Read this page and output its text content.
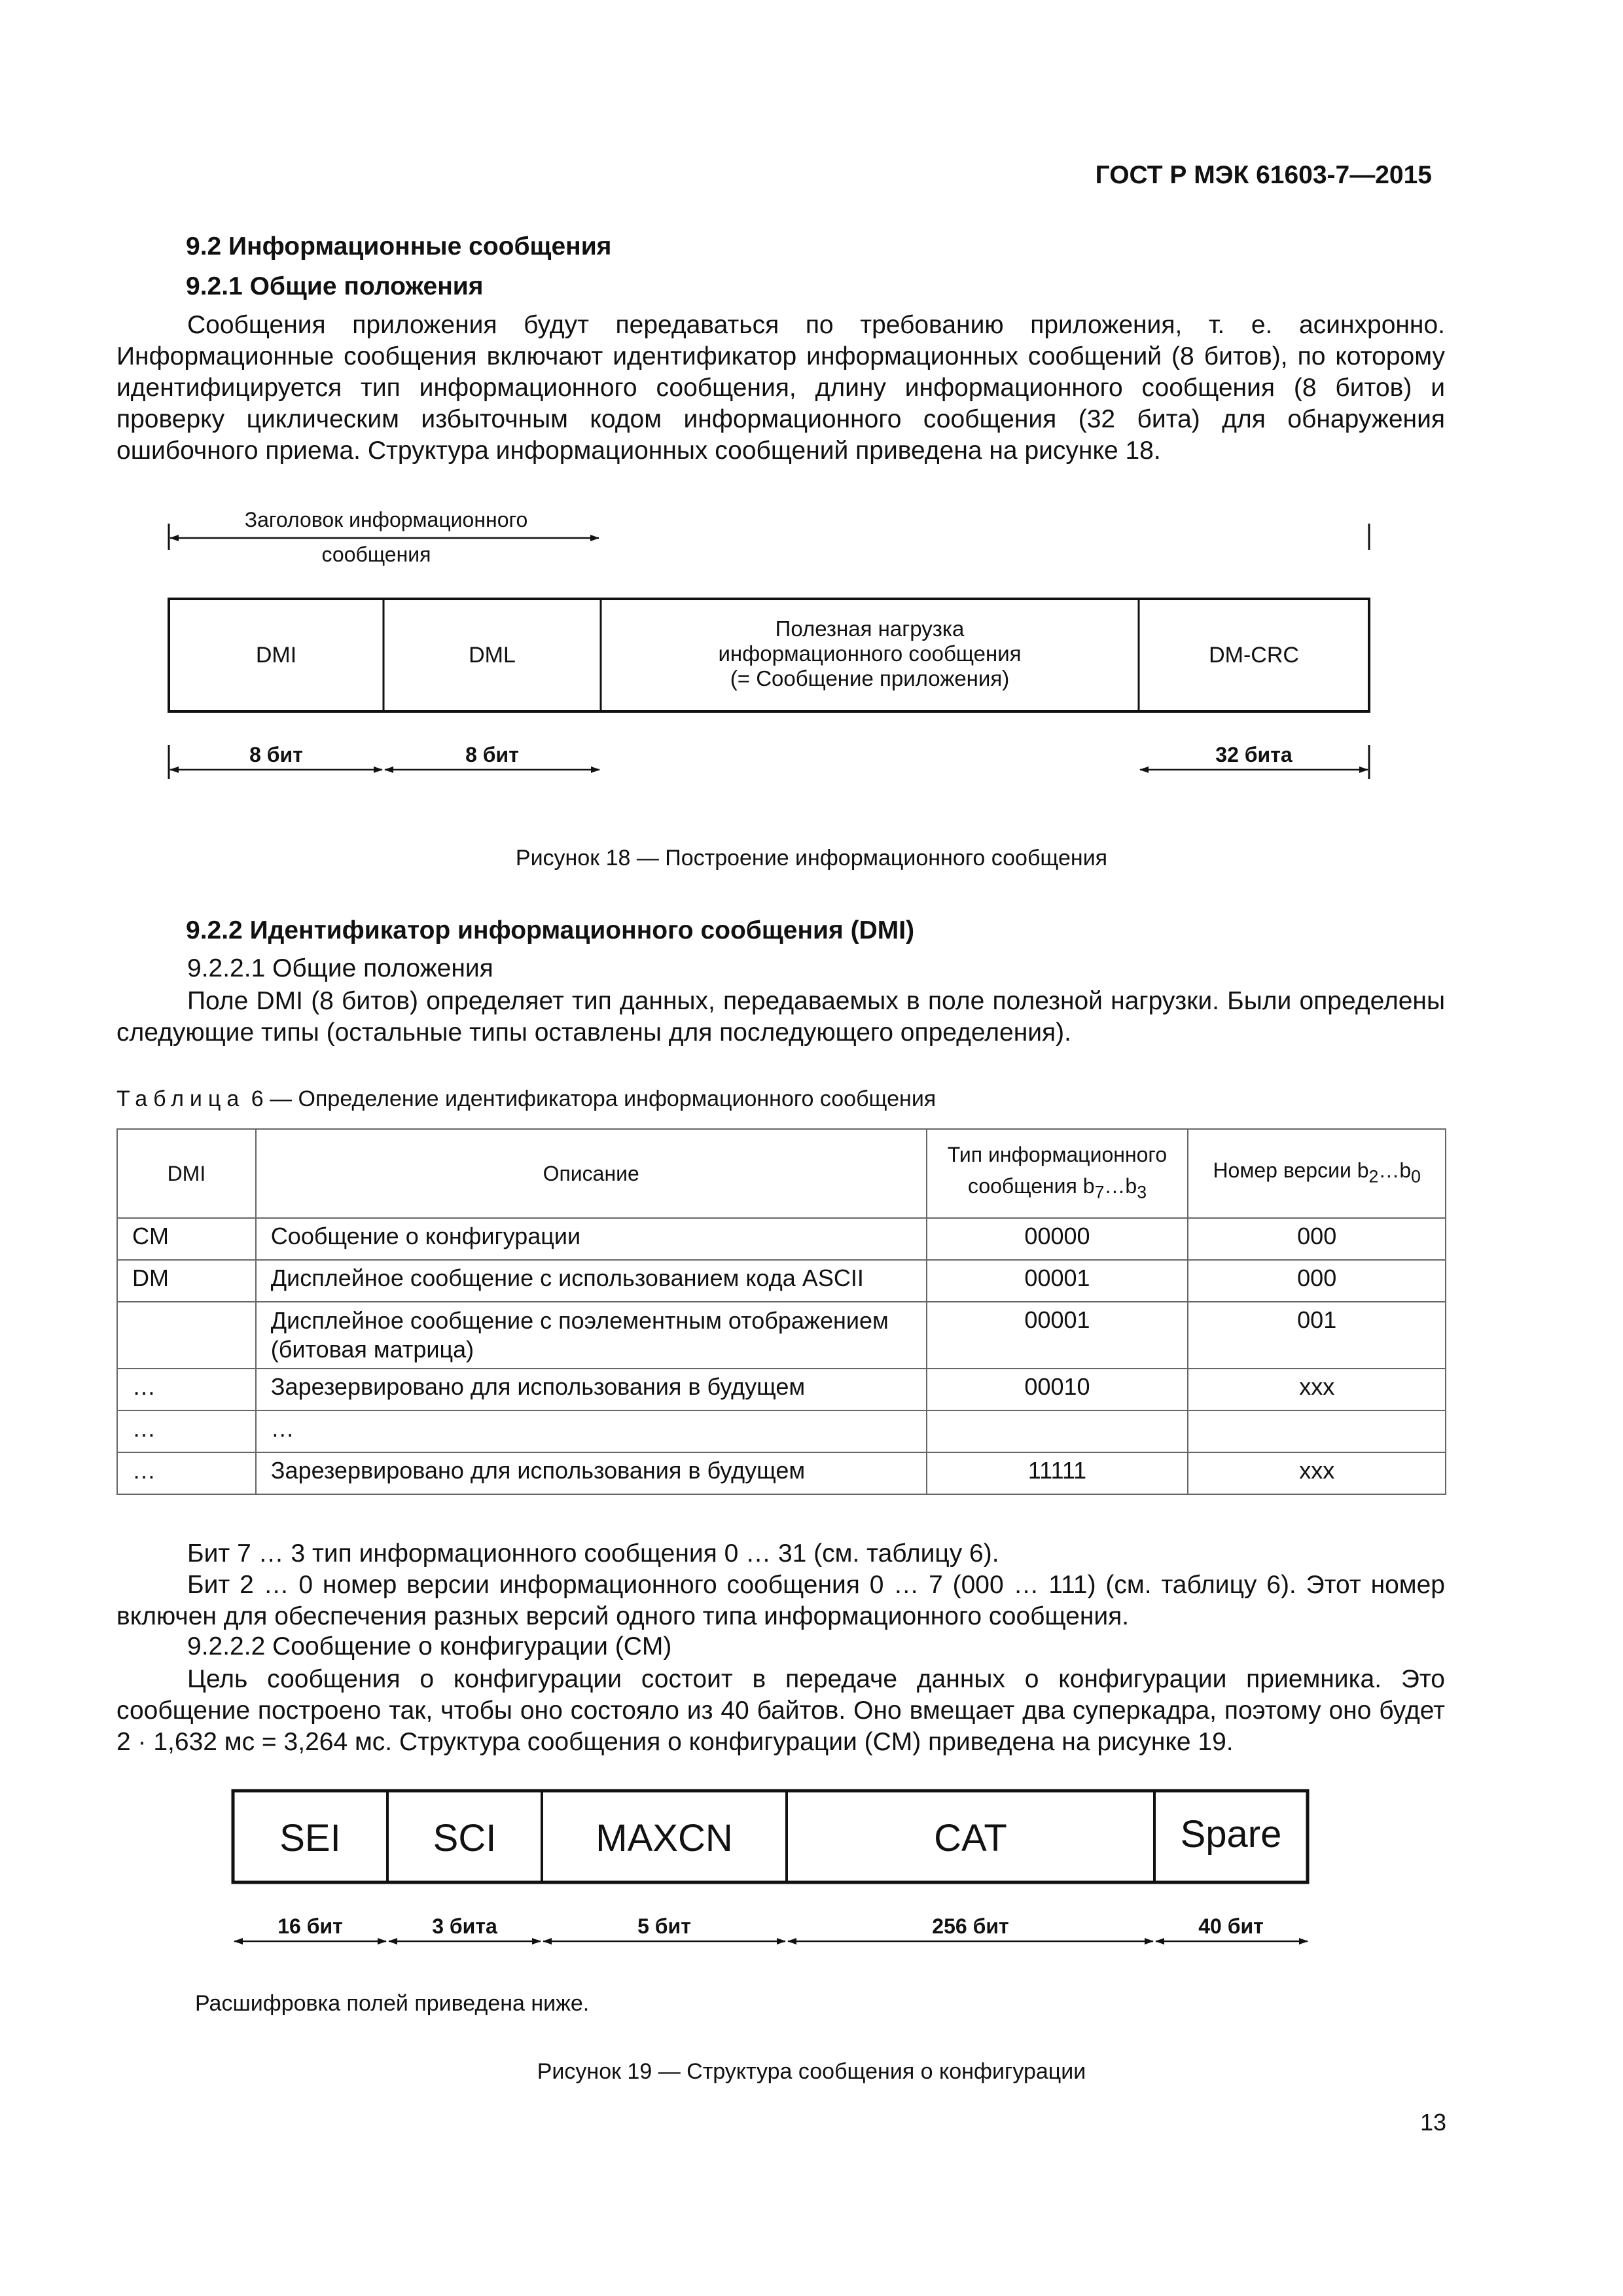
ГОСТ Р МЭК 61603-7—2015
9.2 Информационные сообщения
9.2.1 Общие положения
Сообщения приложения будут передаваться по требованию приложения, т. е. асинхронно. Информационные сообщения включают идентификатор информационных сообщений (8 битов), по которому идентифицируется тип информационного сообщения, длину информационного сообщения (8 битов) и проверку циклическим избыточным кодом информационного сообщения (32 бита) для обнаружения ошибочного приема. Структура информационных сообщений приведена на рисунке 18.
Заголовок информационного
сообщения
DMI	DML
Полезная нагрузка
информационного сообщения
(= Сообщение приложения)
DM-CRC
8 бит	8 бит	32 бита
Рисунок 18 — Построение информационного сообщения
9.2.2 Идентификатор информационного сообщения (DMI)
9.2.2.1 Общие положения
Поле DMI (8 битов) определяет тип данных, передаваемых в поле полезной нагрузки. Были определены следующие типы (остальные типы оставлены для последующего определения).
Таблица 6 — Определение идентификатора информационного сообщения
DMI	Описание	Тип информационного
сообщения $b_7\dots b_3$	Номер версии $b_2\dots b_0$
CM	Сообщение о конфигурации	00000	000
DM	Дисплейное сообщение с использованием кода ASCII	00001	000
	Дисплейное сообщение с поэлементным отображением (битовая матрица)	00001	001
…	Зарезервировано для использования в будущем	00010	xxx
…	…		
…	Зарезервировано для использования в будущем	11111	xxx
Бит 7 … 3 тип информационного сообщения 0 … 31 (см. таблицу 6).
Бит 2 … 0 номер версии информационного сообщения 0 … 7 (000 … 111) (см. таблицу 6). Этот номер включен для обеспечения разных версий одного типа информационного сообщения.
9.2.2.2 Сообщение о конфигурации (CM)
Цель сообщения о конфигурации состоит в передаче данных о конфигурации приемника. Это сообщение построено так, чтобы оно состояло из 40 байтов. Оно вмещает два суперкадра, поэтому оно будет 2 · 1,632 мс = 3,264 мс. Структура сообщения о конфигурации (CM) приведена на рисунке 19.
SEI SCI	MAXCN	CAT	Spare
16 бит	3 бита	5 бит	256 бит	40 бит
Расшифровка полей приведена ниже.
Рисунок 19 — Структура сообщения о конфигурации
13
